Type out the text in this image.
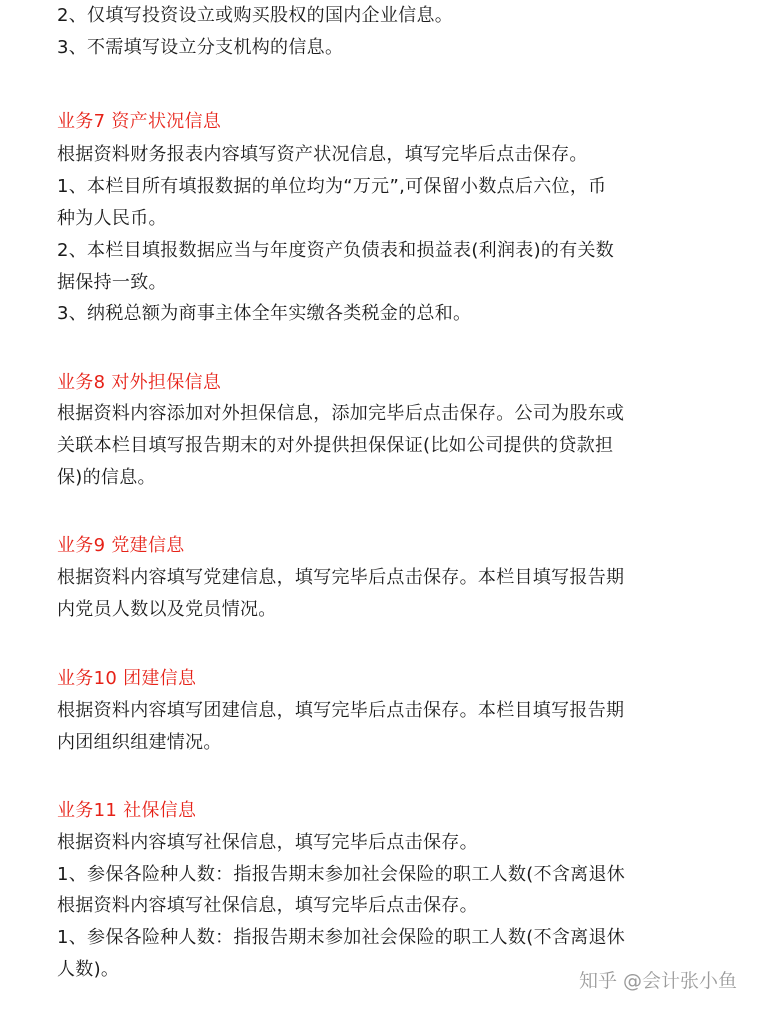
2、仅填写投资设立或购买股权的国内企业信息。
3、不需填写设立分支机构的信息。
业务7 资产状况信息
根据资料财务报表内容填写资产状况信息，填写完毕后点击保存。
1、本栏目所有填报数据的单位均为“万元”,可保留小数点后六位，币
种为人民币。
2、本栏目填报数据应当与年度资产负债表和损益表(利润表)的有关数
据保持一致。
3、纳税总额为商事主体全年实缴各类税金的总和。
业务8 对外担保信息
根据资料内容添加对外担保信息，添加完毕后点击保存。公司为股东或
关联本栏目填写报告期末的对外提供担保保证(比如公司提供的贷款担
保)的信息。
业务9 党建信息
根据资料内容填写党建信息，填写完毕后点击保存。本栏目填写报告期
内党员人数以及党员情况。
业务10 团建信息
根据资料内容填写团建信息，填写完毕后点击保存。本栏目填写报告期
内团组织组建情况。
业务11 社保信息
根据资料内容填写社保信息，填写完毕后点击保存。
1、参保各险种人数：指报告期末参加社会保险的职工人数(不含离退休
根据资料内容填写社保信息，填写完毕后点击保存。
1、参保各险种人数：指报告期末参加社会保险的职工人数(不含离退休
人数)。
知乎 @会计张小鱼
